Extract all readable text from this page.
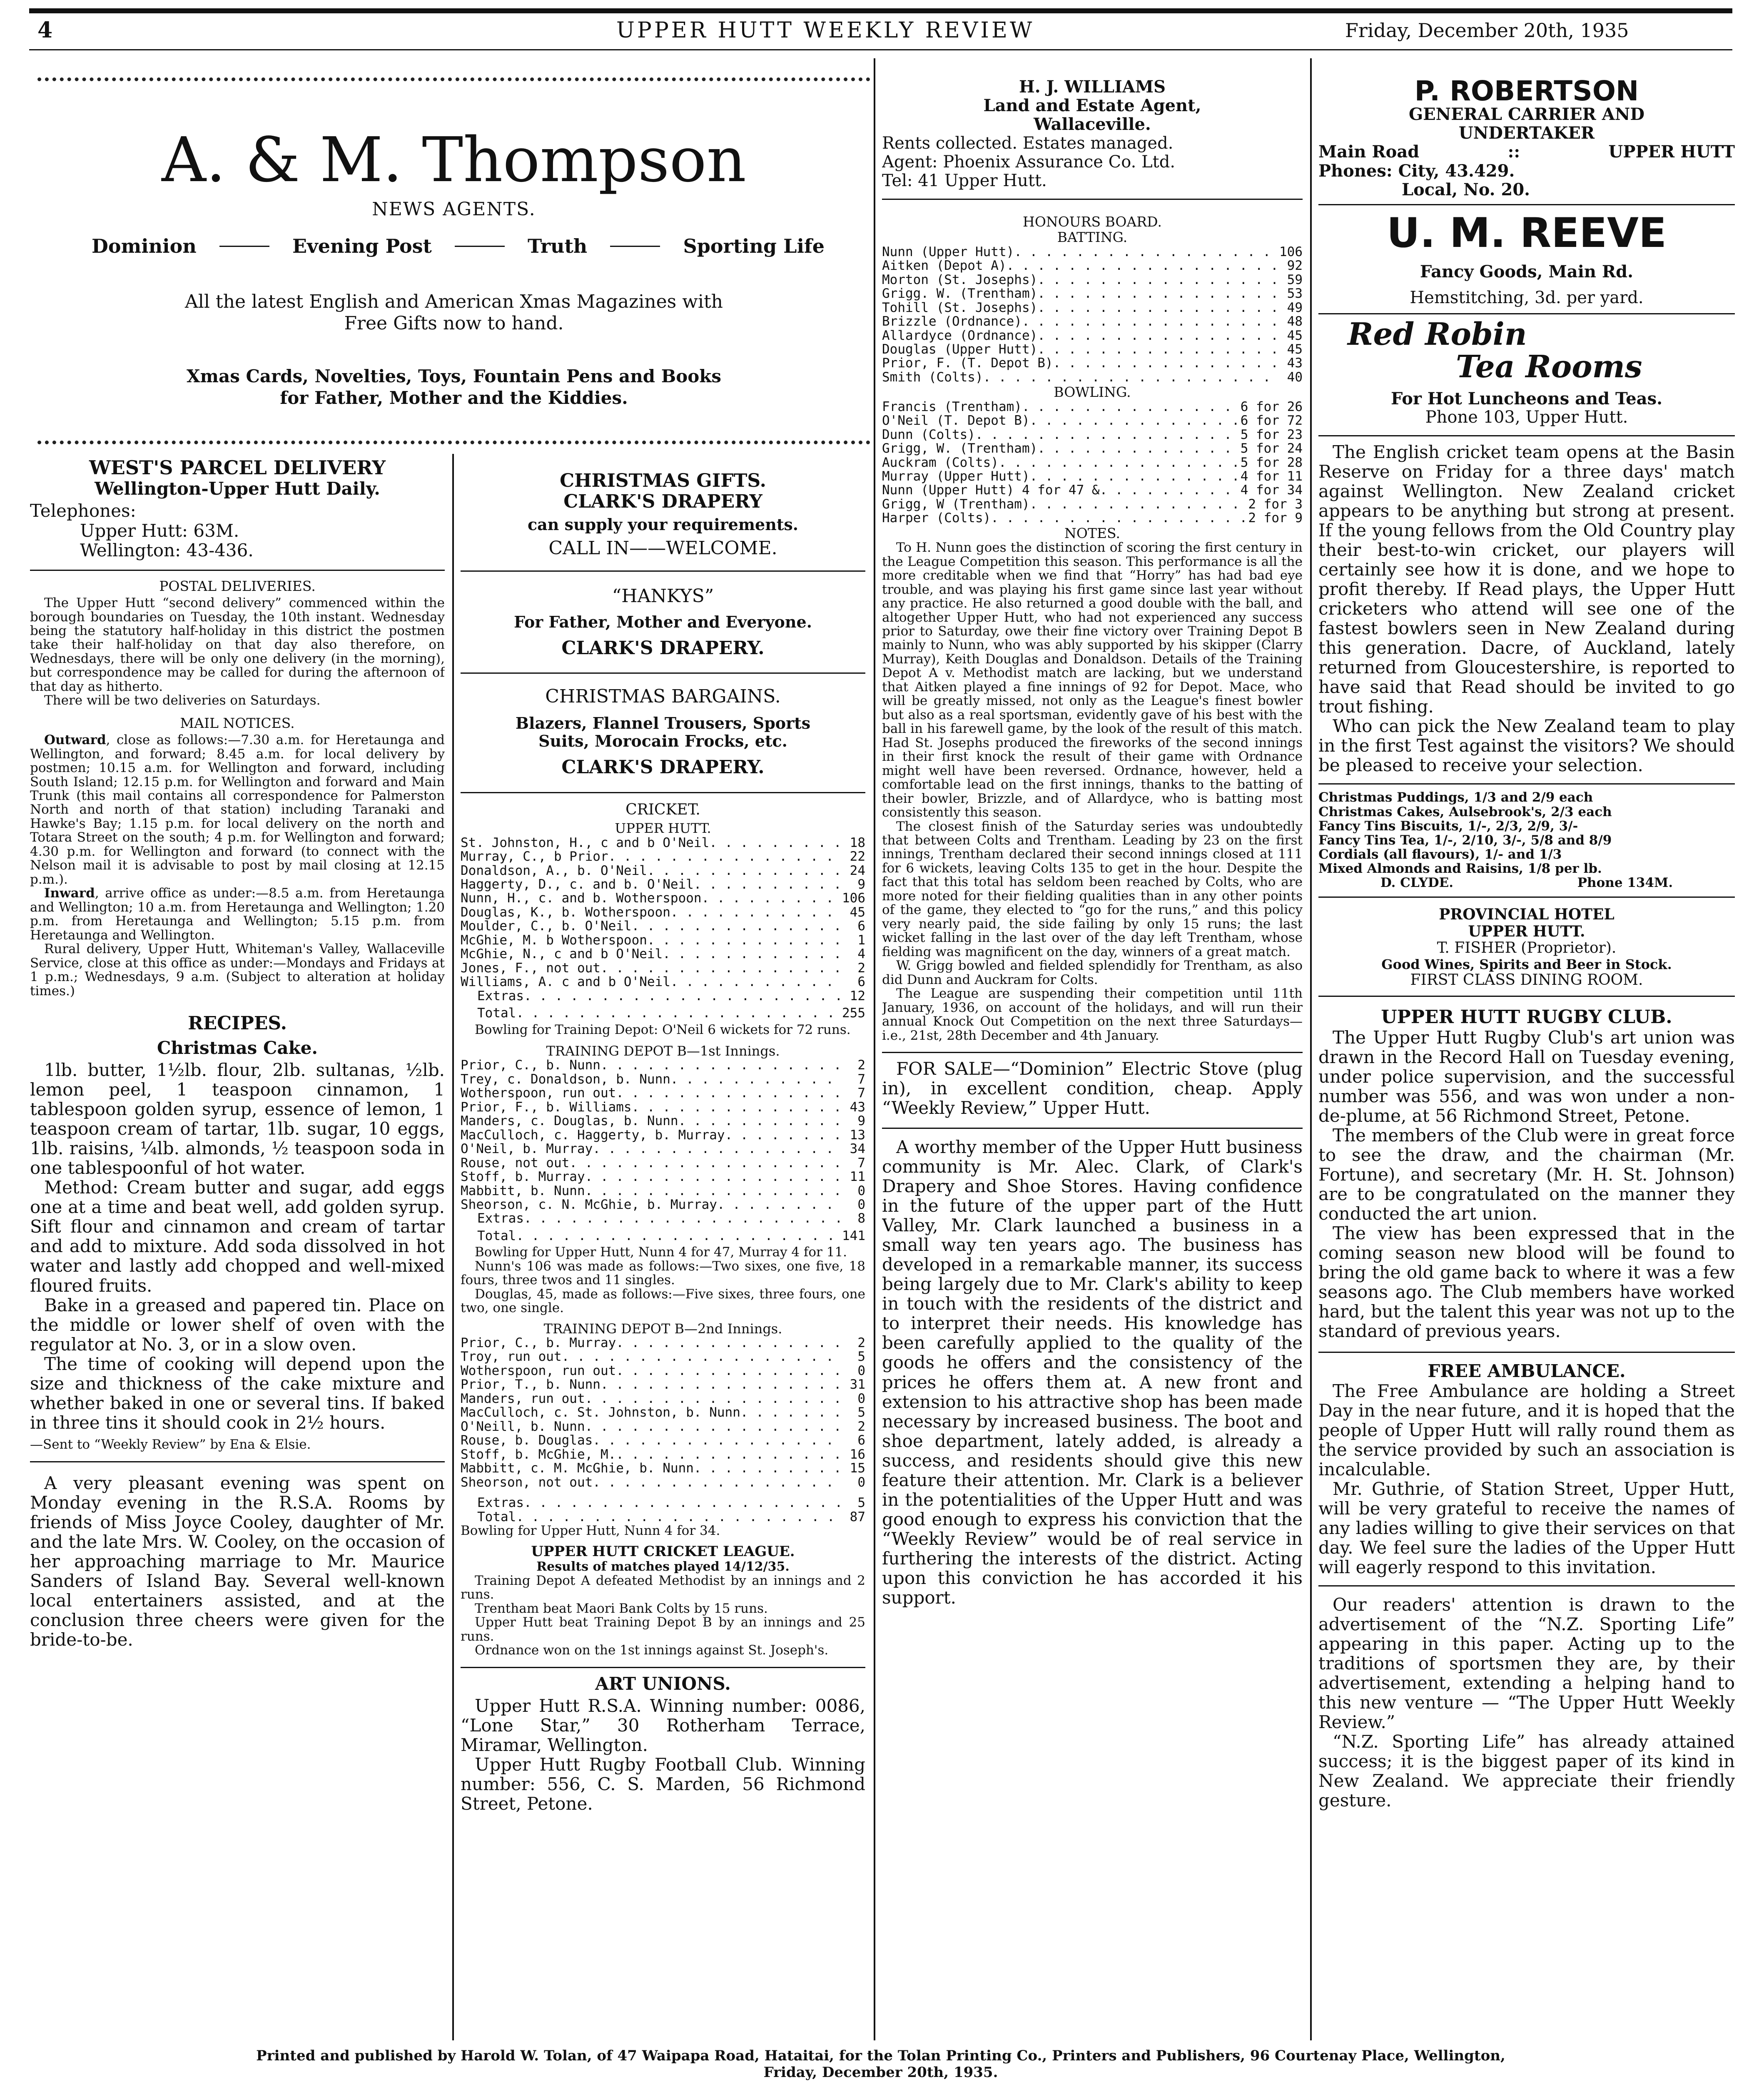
4	UPPER HUTT WEEKLY REVIEW	Friday, December 20th, 1935
A. & M. Thompson
NEWS AGENTS.
Dominion	Evening Post	Truth	Sporting Life
All the latest English and American Xmas Magazines with
Free Gifts now to hand.
Xmas Cards, Novelties, Toys, Fountain Pens and Books
for Father, Mother and the Kiddies.
WEST'S PARCEL DELIVERY
Wellington-Upper Hutt Daily.
Telephones:
Upper Hutt: 63M.
Wellington: 43-436.
POSTAL DELIVERIES.

The Upper Hutt “second delivery” commenced within the borough boundaries on Tuesday, the 10th instant. Wednesday being the statutory half-holiday in this district the postmen take their half-holiday on that day also therefore, on Wednesdays, there will be only one delivery (in the morning), but correspondence may be called for during the afternoon of that day as hitherto.

There will be two deliveries on Saturdays.

MAIL NOTICES.

Outward, close as follows:—7.30 a.m. for Heretaunga and Wellington, and forward; 8.45 a.m. for local delivery by postmen; 10.15 a.m. for Wellington and forward, including South Island; 12.15 p.m. for Wellington and forward and Main Trunk (this mail contains all correspondence for Palmerston North and north of that station) including Taranaki and Hawke's Bay; 1.15 p.m. for local delivery on the north and Totara Street on the south; 4 p.m. for Wellington and forward; 4.30 p.m. for Wellington and forward (to connect with the Nelson mail it is advisable to post by mail closing at 12.15 p.m.).

Inward, arrive office as under:—8.5 a.m. from Heretaunga and Wellington; 10 a.m. from Heretaunga and Wellington; 1.20 p.m. from Heretaunga and Wellington; 5.15 p.m. from Heretaunga and Wellington.

Rural delivery, Upper Hutt, Whiteman's Valley, Wallaceville Service, close at this office as under:—Mondays and Fridays at 1 p.m.; Wednesdays, 9 a.m. (Subject to alteration at holiday times.)

RECIPES.
Christmas Cake.

1lb. butter, 1½lb. flour, 2lb. sultanas, ½lb. lemon peel, 1 teaspoon cinnamon, 1 tablespoon golden syrup, essence of lemon, 1 teaspoon cream of tartar, 1lb. sugar, 10 eggs, 1lb. raisins, ¼lb. almonds, ½ teaspoon soda in one tablespoonful of hot water.

Method: Cream butter and sugar, add eggs one at a time and beat well, add golden syrup. Sift flour and cinnamon and cream of tartar and add to mixture. Add soda dissolved in hot water and lastly add chopped and well-mixed floured fruits.

Bake in a greased and papered tin. Place on the middle or lower shelf of oven with the regulator at No. 3, or in a slow oven.

The time of cooking will depend upon the size and thickness of the cake mixture and whether baked in one or several tins. If baked in three tins it should cook in 2½ hours.

—Sent to “Weekly Review” by Ena & Elsie.

A very pleasant evening was spent on Monday evening in the R.S.A. Rooms by friends of Miss Joyce Cooley, daughter of Mr. and the late Mrs. W. Cooley, on the occasion of her approaching marriage to Mr. Maurice Sanders of Island Bay. Several well-known local entertainers assisted, and at the conclusion three cheers were given for the bride-to-be.

CHRISTMAS GIFTS.
CLARK'S DRAPERY
can supply your requirements.
CALL IN——WELCOME.
“HANKYS”
For Father, Mother and Everyone.
CLARK'S DRAPERY.
CHRISTMAS BARGAINS.
Blazers, Flannel Trousers, Sports
Suits, Morocain Frocks, etc.
CLARK'S DRAPERY.
CRICKET.
UPPER HUTT.
St. Johnston, H., c and b O'Neil . . .	18
Murray, C., b Prior . . .	22
Donaldson, A., b. O'Neil . . .	24
Haggerty, D., c. and b. O'Neil . . .	9
Nunn, H., c. and b. Wotherspoon . . .	106
Douglas, K., b. Wotherspoon . . .	45
Moulder, C., b. O'Neil . . .	6
McGhie, M. b Wotherspoon . . .	1
McGhie, N., c and b O'Neil . . .	4
Jones, F., not out . . .	2
Williams, A. c and b O'Neil . . .	6
Extras . . .	12
Total . . .	255

Bowling for Training Depot: O'Neil 6 wickets for 72 runs.

TRAINING DEPOT B—1st Innings.
Prior, C., b. Nunn . . .	2
Trey, c. Donaldson, b. Nunn . . .	7
Wotherspoon, run out . . .	7
Prior, F., b. Williams . . .	43
Manders, c. Douglas, b. Nunn . . .	9
MacCulloch, c. Haggerty, b. Murray . . .	13
O'Neil, b. Murray . . .	34
Rouse, not out . . .	7
Stoff, b. Murray . . .	11
Mabbitt, b. Nunn . . .	0
Sheorson, c. N. McGhie, b. Murray . . .	0
Extras . . .	8
Total . . .	141

Bowling for Upper Hutt, Nunn 4 for 47, Murray 4 for 11.

Nunn's 106 was made as follows:—Two sixes, one five, 18 fours, three twos and 11 singles.

Douglas, 45, made as follows:—Five sixes, three fours, one two, one single.

TRAINING DEPOT B—2nd Innings.
Prior, C., b. Murray . . .	2
Troy, run out . . .	5
Wotherspoon, run out . . .	0
Prior, T., b. Nunn . . .	31
Manders, run out . . .	0
MacCulloch, c. St. Johnston, b. Nunn . . .	5
O'Neill, b. Nunn . . .	2
Rouse, b. Douglas . . .	6
Stoff, b. McGhie, M. . . .	16
Mabbitt, c. M. McGhie, b. Nunn . . .	15
Sheorson, not out . . .	0
Extras . . .	5
Total . . .	87

Bowling for Upper Hutt, Nunn 4 for 34.

UPPER HUTT CRICKET LEAGUE.
Results of matches played 14/12/35.

Training Depot A defeated Methodist by an innings and 2 runs.

Trentham beat Maori Bank Colts by 15 runs.

Upper Hutt beat Training Depot B by an innings and 25 runs.

Ordnance won on the 1st innings against St. Joseph's.

ART UNIONS.

Upper Hutt R.S.A. Winning number: 0086, “Lone Star,” 30 Rotherham Terrace, Miramar, Wellington.

Upper Hutt Rugby Football Club. Winning number: 556, C. S. Marden, 56 Richmond Street, Petone.

H. J. WILLIAMS
Land and Estate Agent,
Wallaceville.
Rents collected. Estates managed.
Agent: Phoenix Assurance Co. Ltd.
Tel: 41 Upper Hutt.
HONOURS BOARD.
BATTING.
Nunn (Upper Hutt) . . .	106
Aitken (Depot A) . . .	92
Morton (St. Josephs) . . .	59
Grigg. W. (Trentham) . . .	53
Tohill (St. Josephs) . . .	49
Brizzle (Ordnance) . . .	48
Allardyce (Ordnance) . . .	45
Douglas (Upper Hutt) . . .	45
Prior, F. (T. Depot B) . . .	43
Smith (Colts) . . .	40
BOWLING.
Francis (Trentham) . . .	6 for 26
O'Neil (T. Depot B) . . .	6 for 72
Dunn (Colts) . . .	5 for 23
Grigg, W. (Trentham) . . .	5 for 24
Auckram (Colts) . . .	5 for 28
Murray (Upper Hutt) . . .	4 for 11
Nunn (Upper Hutt) 4 for 47 & . . .	4 for 34
Grigg, W (Trentham) . . .	2 for 3
Harper (Colts) . . .	2 for 9
NOTES.

To H. Nunn goes the distinction of scoring the first century in the League Competition this season. This performance is all the more creditable when we find that “Horry” has had bad eye trouble, and was playing his first game since last year without any practice. He also returned a good double with the ball, and altogether Upper Hutt, who had not experienced any success prior to Saturday, owe their fine victory over Training Depot B mainly to Nunn, who was ably supported by his skipper (Clarry Murray), Keith Douglas and Donaldson. Details of the Training Depot A v. Methodist match are lacking, but we understand that Aitken played a fine innings of 92 for Depot. Mace, who will be greatly missed, not only as the League's finest bowler but also as a real sportsman, evidently gave of his best with the ball in his farewell game, by the look of the result of this match. Had St. Josephs produced the fireworks of the second innings in their first knock the result of their game with Ordnance might well have been reversed. Ordnance, however, held a comfortable lead on the first innings, thanks to the batting of their bowler, Brizzle, and of Allardyce, who is batting most consistently this season.

The closest finish of the Saturday series was undoubtedly that between Colts and Trentham. Leading by 23 on the first innings, Trentham declared their second innings closed at 111 for 6 wickets, leaving Colts 135 to get in the hour. Despite the fact that this total has seldom been reached by Colts, who are more noted for their fielding qualities than in any other points of the game, they elected to “go for the runs,” and this policy very nearly paid, the side failing by only 15 runs; the last wicket falling in the last over of the day left Trentham, whose fielding was magnificent on the day, winners of a great match.

W. Grigg bowled and fielded splendidly for Trentham, as also did Dunn and Auckram for Colts.

The League are suspending their competition until 11th January, 1936, on account of the holidays, and will run their annual Knock Out Competition on the next three Saturdays—i.e., 21st, 28th December and 4th January.

FOR SALE—“Dominion” Electric Stove (plug in), in excellent condition, cheap. Apply “Weekly Review,” Upper Hutt.

A worthy member of the Upper Hutt business community is Mr. Alec. Clark, of Clark's Drapery and Shoe Stores. Having confidence in the future of the upper part of the Hutt Valley, Mr. Clark launched a business in a small way ten years ago. The business has developed in a remarkable manner, its success being largely due to Mr. Clark's ability to keep in touch with the residents of the district and to interpret their needs. His knowledge has been carefully applied to the quality of the goods he offers and the consistency of the prices he offers them at. A new front and extension to his attractive shop has been made necessary by increased business. The boot and shoe department, lately added, is already a success, and residents should give this new feature their attention. Mr. Clark is a believer in the potentialities of the Upper Hutt and was good enough to express his conviction that the “Weekly Review” would be of real service in furthering the interests of the district. Acting upon this conviction he has accorded it his support.

P. ROBERTSON
GENERAL CARRIER AND
UNDERTAKER
Main Road	::	UPPER HUTT
Phones: City, 43.429.
Local, No. 20.
U. M. REEVE
Fancy Goods, Main Rd.
Hemstitching, 3d. per yard.
Red Robin
Tea Rooms
For Hot Luncheons and Teas.
Phone 103, Upper Hutt.

The English cricket team opens at the Basin Reserve on Friday for a three days' match against Wellington. New Zealand cricket appears to be anything but strong at present. If the young fellows from the Old Country play their best-to-win cricket, our players will certainly see how it is done, and we hope to profit thereby. If Read plays, the Upper Hutt cricketers who attend will see one of the fastest bowlers seen in New Zealand during this generation. Dacre, of Auckland, lately returned from Gloucestershire, is reported to have said that Read should be invited to go trout fishing.

Who can pick the New Zealand team to play in the first Test against the visitors? We should be pleased to receive your selection.

Christmas Puddings, 1/3 and 2/9 each
Christmas Cakes, Aulsebrook's, 2/3 each
Fancy Tins Biscuits, 1/-, 2/3, 2/9, 3/-
Fancy Tins Tea, 1/-, 2/10, 3/-, 5/8 and 8/9
Cordials (all flavours), 1/- and 1/3
Mixed Almonds and Raisins, 1/8 per lb.
D. CLYDE.	Phone 134M.
PROVINCIAL HOTEL
UPPER HUTT.
T. FISHER (Proprietor).
Good Wines, Spirits and Beer in Stock.
FIRST CLASS DINING ROOM.
UPPER HUTT RUGBY CLUB.

The Upper Hutt Rugby Club's art union was drawn in the Record Hall on Tuesday evening, under police supervision, and the successful number was 556, and was won under a non-de-plume, at 56 Richmond Street, Petone.

The members of the Club were in great force to see the draw, and the chairman (Mr. Fortune), and secretary (Mr. H. St. Johnson) are to be congratulated on the manner they conducted the art union.

The view has been expressed that in the coming season new blood will be found to bring the old game back to where it was a few seasons ago. The Club members have worked hard, but the talent this year was not up to the standard of previous years.

FREE AMBULANCE.

The Free Ambulance are holding a Street Day in the near future, and it is hoped that the people of Upper Hutt will rally round them as the service provided by such an association is incalculable.

Mr. Guthrie, of Station Street, Upper Hutt, will be very grateful to receive the names of any ladies willing to give their services on that day. We feel sure the ladies of the Upper Hutt will eagerly respond to this invitation.

Our readers' attention is drawn to the advertisement of the “N.Z. Sporting Life” appearing in this paper. Acting up to the traditions of sportsmen they are, by their advertisement, extending a helping hand to this new venture — “The Upper Hutt Weekly Review.”

“N.Z. Sporting Life” has already attained success; it is the biggest paper of its kind in New Zealand. We appreciate their friendly gesture.

Printed and published by Harold W. Tolan, of 47 Waipapa Road, Hataitai, for the Tolan Printing Co., Printers and Publishers, 96 Courtenay Place, Wellington,
Friday, December 20th, 1935.
